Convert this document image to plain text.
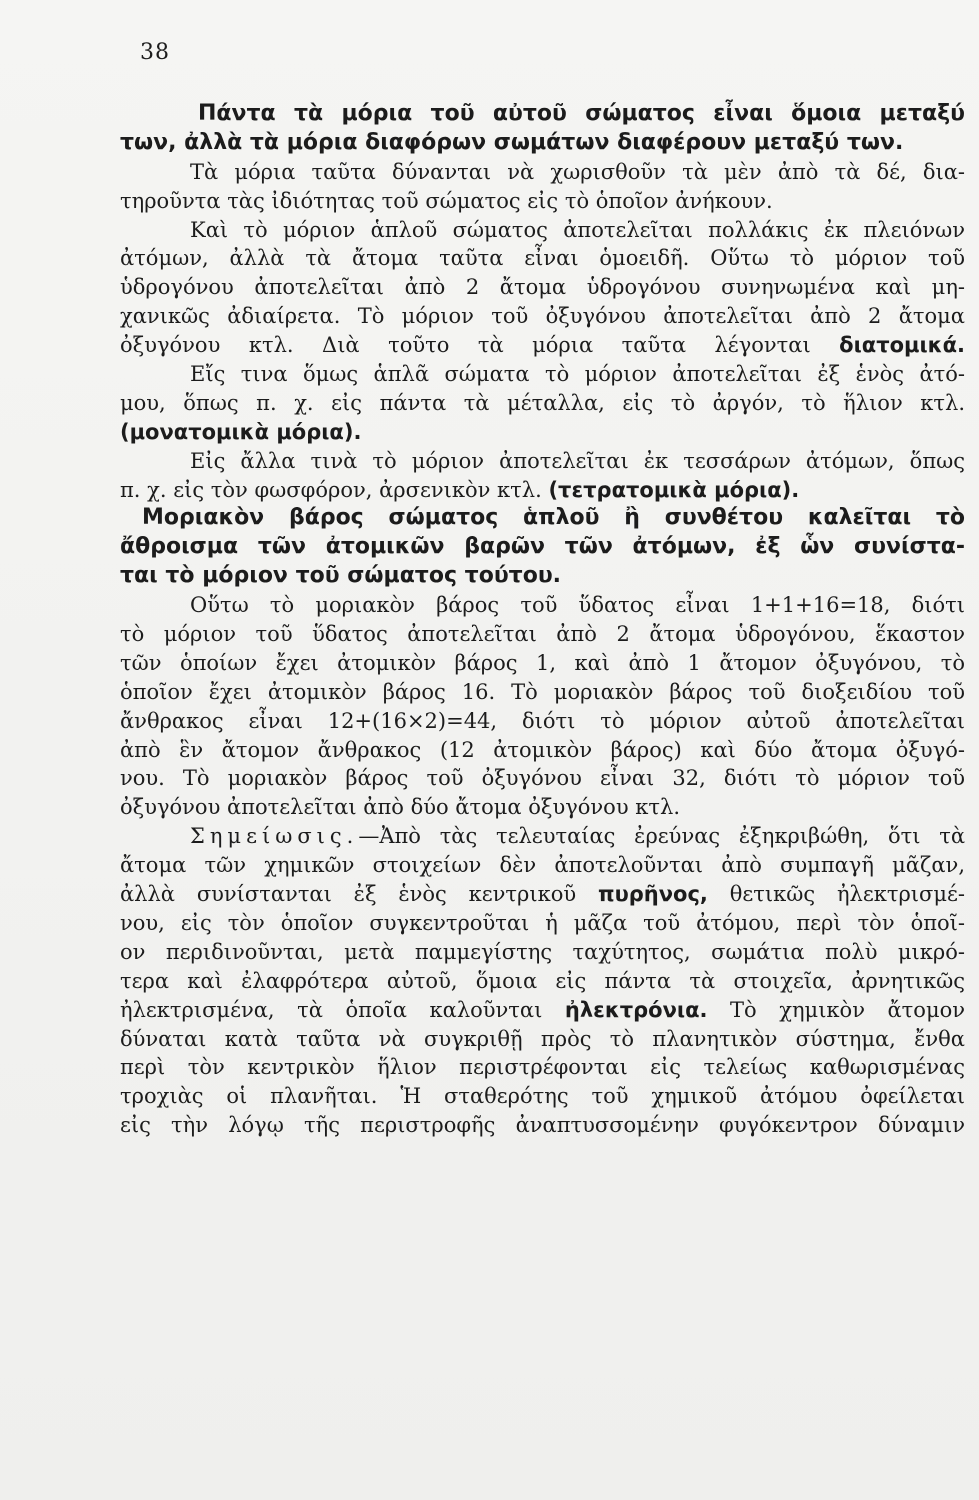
38
Πάντα τὰ μόρια τοῦ αὐτοῦ σώματος εἶναι ὅμοια μεταξύ
των, ἀλλὰ τὰ μόρια διαφόρων σωμάτων διαφέρουν μεταξύ των.
Τὰ μόρια ταῦτα δύνανται νὰ χωρισθοῦν τὰ μὲν ἀπὸ τὰ δέ, δια-
τηροῦντα τὰς ἰδιότητας τοῦ σώματος εἰς τὸ ὁποῖον ἀνήκουν.
Καὶ τὸ μόριον ἁπλοῦ σώματος ἀποτελεῖται πολλάκις ἐκ πλειόνων
ἀτόμων, ἀλλὰ τὰ ἄτομα ταῦτα εἶναι ὁμοειδῆ. Οὕτω τὸ μόριον τοῦ
ὑδρογόνου ἀποτελεῖται ἀπὸ 2 ἄτομα ὑδρογόνου συνηνωμένα καὶ μη-
χανικῶς ἀδιαίρετα. Τὸ μόριον τοῦ ὀξυγόνου ἀποτελεῖται ἀπὸ 2 ἄτομα
ὀξυγόνου κτλ. Διὰ τοῦτο τὰ μόρια ταῦτα λέγονται διατομικά.
Εἴς τινα ὅμως ἁπλᾶ σώματα τὸ μόριον ἀποτελεῖται ἐξ ἑνὸς ἀτό-
μου, ὅπως π. χ. εἰς πάντα τὰ μέταλλα, εἰς τὸ ἀργόν, τὸ ἥλιον κτλ.
(μονατομικὰ μόρια).
Εἰς ἄλλα τινὰ τὸ μόριον ἀποτελεῖται ἐκ τεσσάρων ἀτόμων, ὅπως
π. χ. εἰς τὸν φωσφόρον, ἀρσενικὸν κτλ. (τετρατομικὰ μόρια).
Μοριακὸν βάρος σώματος ἁπλοῦ ἢ συνθέτου καλεῖται τὸ
ἄθροισμα τῶν ἀτομικῶν βαρῶν τῶν ἀτόμων, ἐξ ὧν συνίστα-
ται τὸ μόριον τοῦ σώματος τούτου.
Οὕτω τὸ μοριακὸν βάρος τοῦ ὕδατος εἶναι 1+1+16=18, διότι
τὸ μόριον τοῦ ὕδατος ἀποτελεῖται ἀπὸ 2 ἄτομα ὑδρογόνου, ἕκαστον
τῶν ὁποίων ἔχει ἀτομικὸν βάρος 1, καὶ ἀπὸ 1 ἄτομον ὀξυγόνου, τὸ
ὁποῖον ἔχει ἀτομικὸν βάρος 16. Τὸ μοριακὸν βάρος τοῦ διοξειδίου τοῦ
ἄνθρακος εἶναι 12+(16×2)=44, διότι τὸ μόριον αὐτοῦ ἀποτελεῖται
ἀπὸ ἓν ἄτομον ἄνθρακος (12 ἀτομικὸν βάρος) καὶ δύο ἄτομα ὀξυγό-
νου. Τὸ μοριακὸν βάρος τοῦ ὀξυγόνου εἶναι 32, διότι τὸ μόριον τοῦ
ὀξυγόνου ἀποτελεῖται ἀπὸ δύο ἄτομα ὀξυγόνου κτλ.
Σημείωσις.—Ἀπὸ τὰς τελευταίας ἐρεύνας ἐξηκριβώθη, ὅτι τὰ
ἄτομα τῶν χημικῶν στοιχείων δὲν ἀποτελοῦνται ἀπὸ συμπαγῆ μᾶζαν,
ἀλλὰ συνίστανται ἐξ ἑνὸς κεντρικοῦ πυρῆνος, θετικῶς ἠλεκτρισμέ-
νου, εἰς τὸν ὁποῖον συγκεντροῦται ἡ μᾶζα τοῦ ἀτόμου, περὶ τὸν ὁποῖ-
ον περιδινοῦνται, μετὰ παμμεγίστης ταχύτητος, σωμάτια πολὺ μικρό-
τερα καὶ ἐλαφρότερα αὐτοῦ, ὅμοια εἰς πάντα τὰ στοιχεῖα, ἀρνητικῶς
ἠλεκτρισμένα, τὰ ὁποῖα καλοῦνται ἠλεκτρόνια. Τὸ χημικὸν ἄτομον
δύναται κατὰ ταῦτα νὰ συγκριθῇ πρὸς τὸ πλανητικὸν σύστημα, ἔνθα
περὶ τὸν κεντρικὸν ἥλιον περιστρέφονται εἰς τελείως καθωρισμένας
τροχιὰς οἱ πλανῆται. Ἡ σταθερότης τοῦ χημικοῦ ἀτόμου ὀφείλεται
εἰς τὴν λόγῳ τῆς περιστροφῆς ἀναπτυσσομένην φυγόκεντρον δύναμιν
